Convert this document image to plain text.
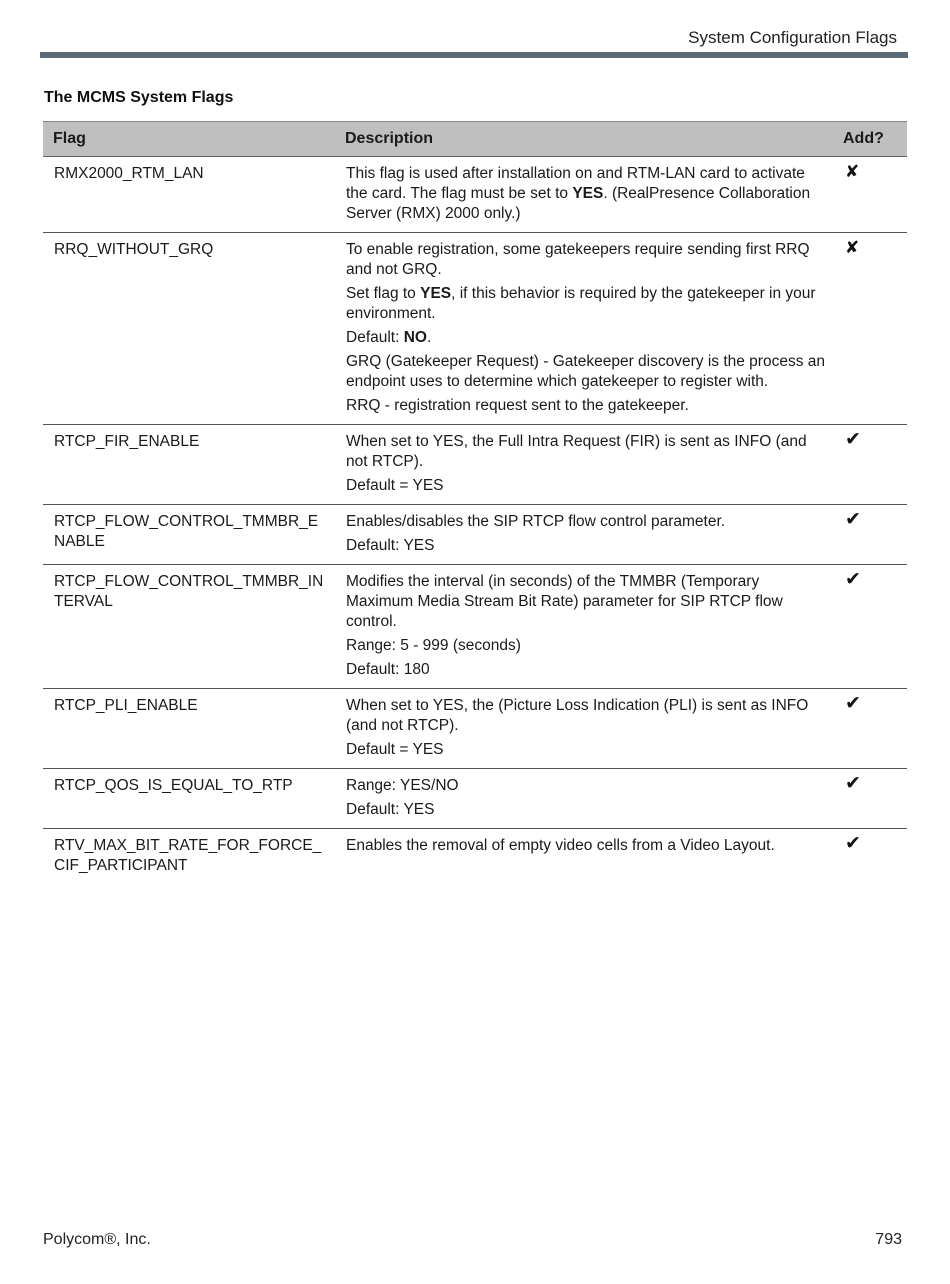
System Configuration Flags
The MCMS System Flags
Flag	Description	Add?

RMX2000_RTM_LAN	This flag is used after installation on and RTM-LAN card to activate the card. The flag must be set to YES. (RealPresence Collaboration Server (RMX) 2000 only.)	✘

RRQ_WITHOUT_GRQ	To enable registration, some gatekeepers require sending first RRQ and not GRQ.

Set flag to YES, if this behavior is required by the gatekeeper in your environment.

Default: NO.

GRQ (Gatekeeper Request) - Gatekeeper discovery is the process an endpoint uses to determine which gatekeeper to register with.

RRQ - registration request sent to the gatekeeper.	✘

RTCP_FIR_ENABLE	When set to YES, the Full Intra Request (FIR) is sent as INFO (and not RTCP).

Default = YES	✔

RTCP_FLOW_CONTROL_TMMBR_ENABLE	Enables/disables the SIP RTCP flow control parameter.

Default: YES	✔

RTCP_FLOW_CONTROL_TMMBR_INTERVAL	Modifies the interval (in seconds) of the TMMBR (Temporary Maximum Media Stream Bit Rate) parameter for SIP RTCP flow control.

Range: 5 - 999 (seconds)

Default: 180	✔

RTCP_PLI_ENABLE	When set to YES, the (Picture Loss Indication (PLI) is sent as INFO (and not RTCP).

Default = YES	✔

RTCP_QOS_IS_EQUAL_TO_RTP	Range: YES/NO

Default: YES	✔

RTV_MAX_BIT_RATE_FOR_FORCE_CIF_PARTICIPANT	Enables the removal of empty video cells from a Video Layout.	✔
Polycom®, Inc.	793
